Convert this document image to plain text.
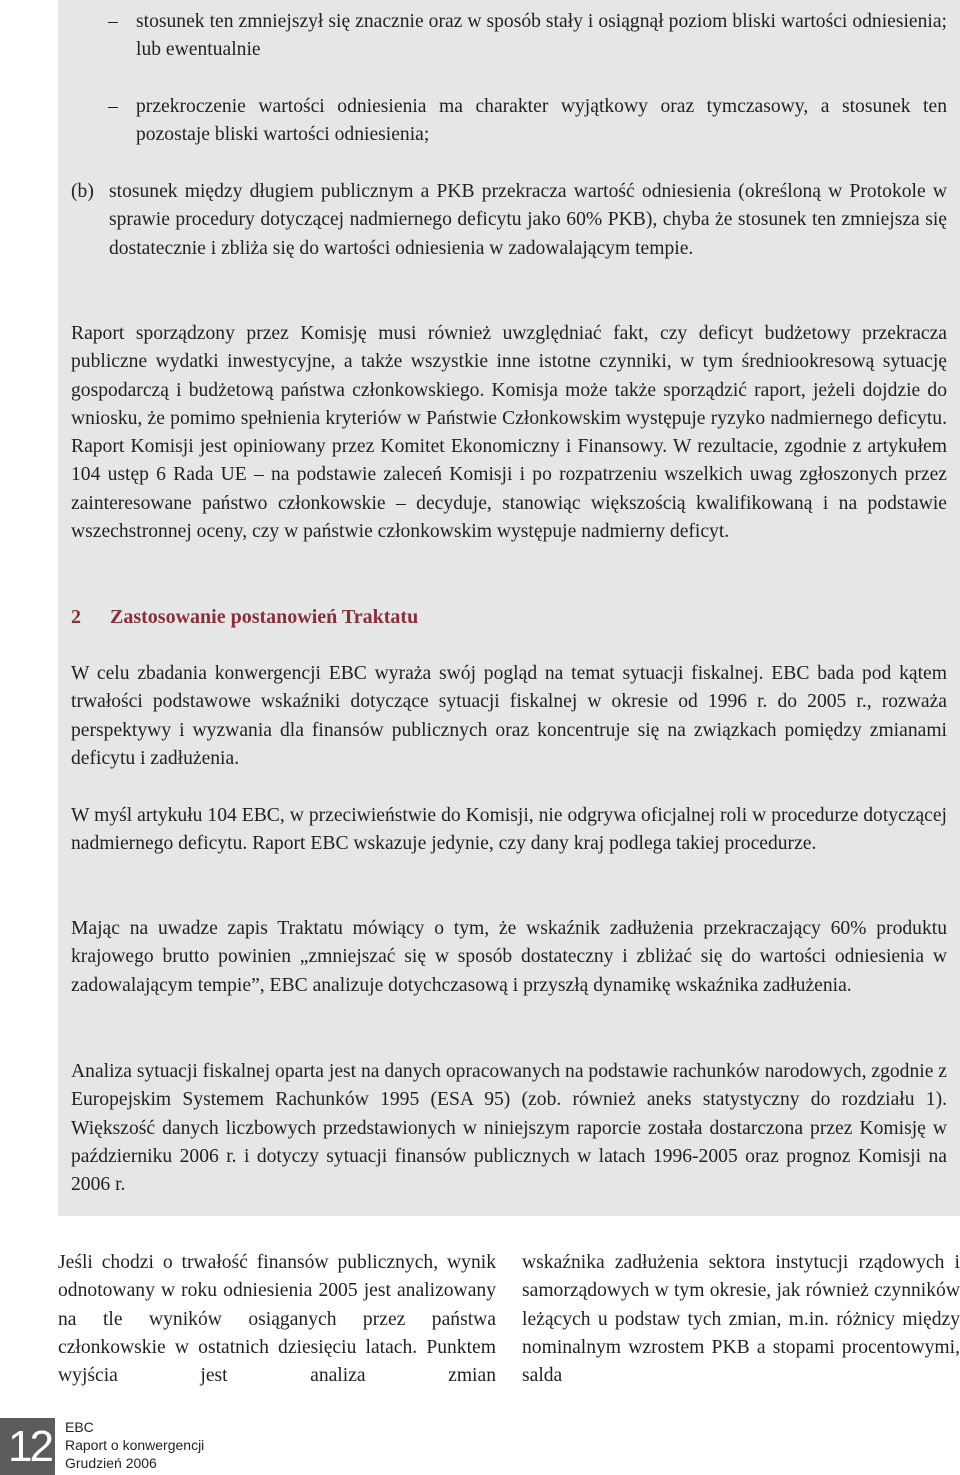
– stosunek ten zmniejszył się znacznie oraz w sposób stały i osiągnął poziom bliski wartości odniesienia; lub ewentualnie
– przekroczenie wartości odniesienia ma charakter wyjątkowy oraz tymczasowy, a stosunek ten pozostaje bliski wartości odniesienia;
(b) stosunek między długiem publicznym a PKB przekracza wartość odniesienia (określoną w Protokole w sprawie procedury dotyczącej nadmiernego deficytu jako 60% PKB), chyba że stosunek ten zmniejsza się dostatecznie i zbliża się do wartości odniesienia w zadowalającym tempie.

Raport sporządzony przez Komisję musi również uwzględniać fakt, czy deficyt budżetowy przekracza publiczne wydatki inwestycyjne, a także wszystkie inne istotne czynniki, w tym średniookresową sytuację gospodarczą i budżetową państwa członkowskiego. Komisja może także sporządzić raport, jeżeli dojdzie do wniosku, że pomimo spełnienia kryteriów w Państwie Członkowskim występuje ryzyko nadmiernego deficytu. Raport Komisji jest opiniowany przez Komitet Ekonomiczny i Finansowy. W rezultacie, zgodnie z artykułem 104 ustęp 6 Rada UE – na podstawie zaleceń Komisji i po rozpatrzeniu wszelkich uwag zgłoszonych przez zainteresowane państwo członkowskie – decyduje, stanowiąc większością kwalifikowaną i na podstawie wszechstronnej oceny, czy w państwie członkowskim występuje nadmierny deficyt.

2 Zastosowanie postanowień Traktatu

W celu zbadania konwergencji EBC wyraża swój pogląd na temat sytuacji fiskalnej. EBC bada pod kątem trwałości podstawowe wskaźniki dotyczące sytuacji fiskalnej w okresie od 1996 r. do 2005 r., rozważa perspektywy i wyzwania dla finansów publicznych oraz koncentruje się na związkach pomiędzy zmianami deficytu i zadłużenia.

W myśl artykułu 104 EBC, w przeciwieństwie do Komisji, nie odgrywa oficjalnej roli w procedurze dotyczącej nadmiernego deficytu. Raport EBC wskazuje jedynie, czy dany kraj podlega takiej procedurze.

Mając na uwadze zapis Traktatu mówiący o tym, że wskaźnik zadłużenia przekraczający 60% produktu krajowego brutto powinien „zmniejszać się w sposób dostateczny i zbliżać się do wartości odniesienia w zadowalającym tempie”, EBC analizuje dotychczasową i przyszłą dynamikę wskaźnika zadłużenia.

Analiza sytuacji fiskalnej oparta jest na danych opracowanych na podstawie rachunków narodowych, zgodnie z Europejskim Systemem Rachunków 1995 (ESA 95) (zob. również aneks statystyczny do rozdziału 1). Większość danych liczbowych przedstawionych w niniejszym raporcie została dostarczona przez Komisję w październiku 2006 r. i dotyczy sytuacji finansów publicznych w latach 1996-2005 oraz prognoz Komisji na 2006 r.

Jeśli chodzi o trwałość finansów publicznych, wynik odnotowany w roku odniesienia 2005 jest analizowany na tle wyników osiąganych przez państwa członkowskie w ostatnich dziesięciu latach. Punktem wyjścia jest analiza zmian

wskaźnika zadłużenia sektora instytucji rządowych i samorządowych w tym okresie, jak również czynników leżących u podstaw tych zmian, m.in. różnicy między nominalnym wzrostem PKB a stopami procentowymi, salda

12 EBC
Raport o konwergencji
Grudzień 2006
